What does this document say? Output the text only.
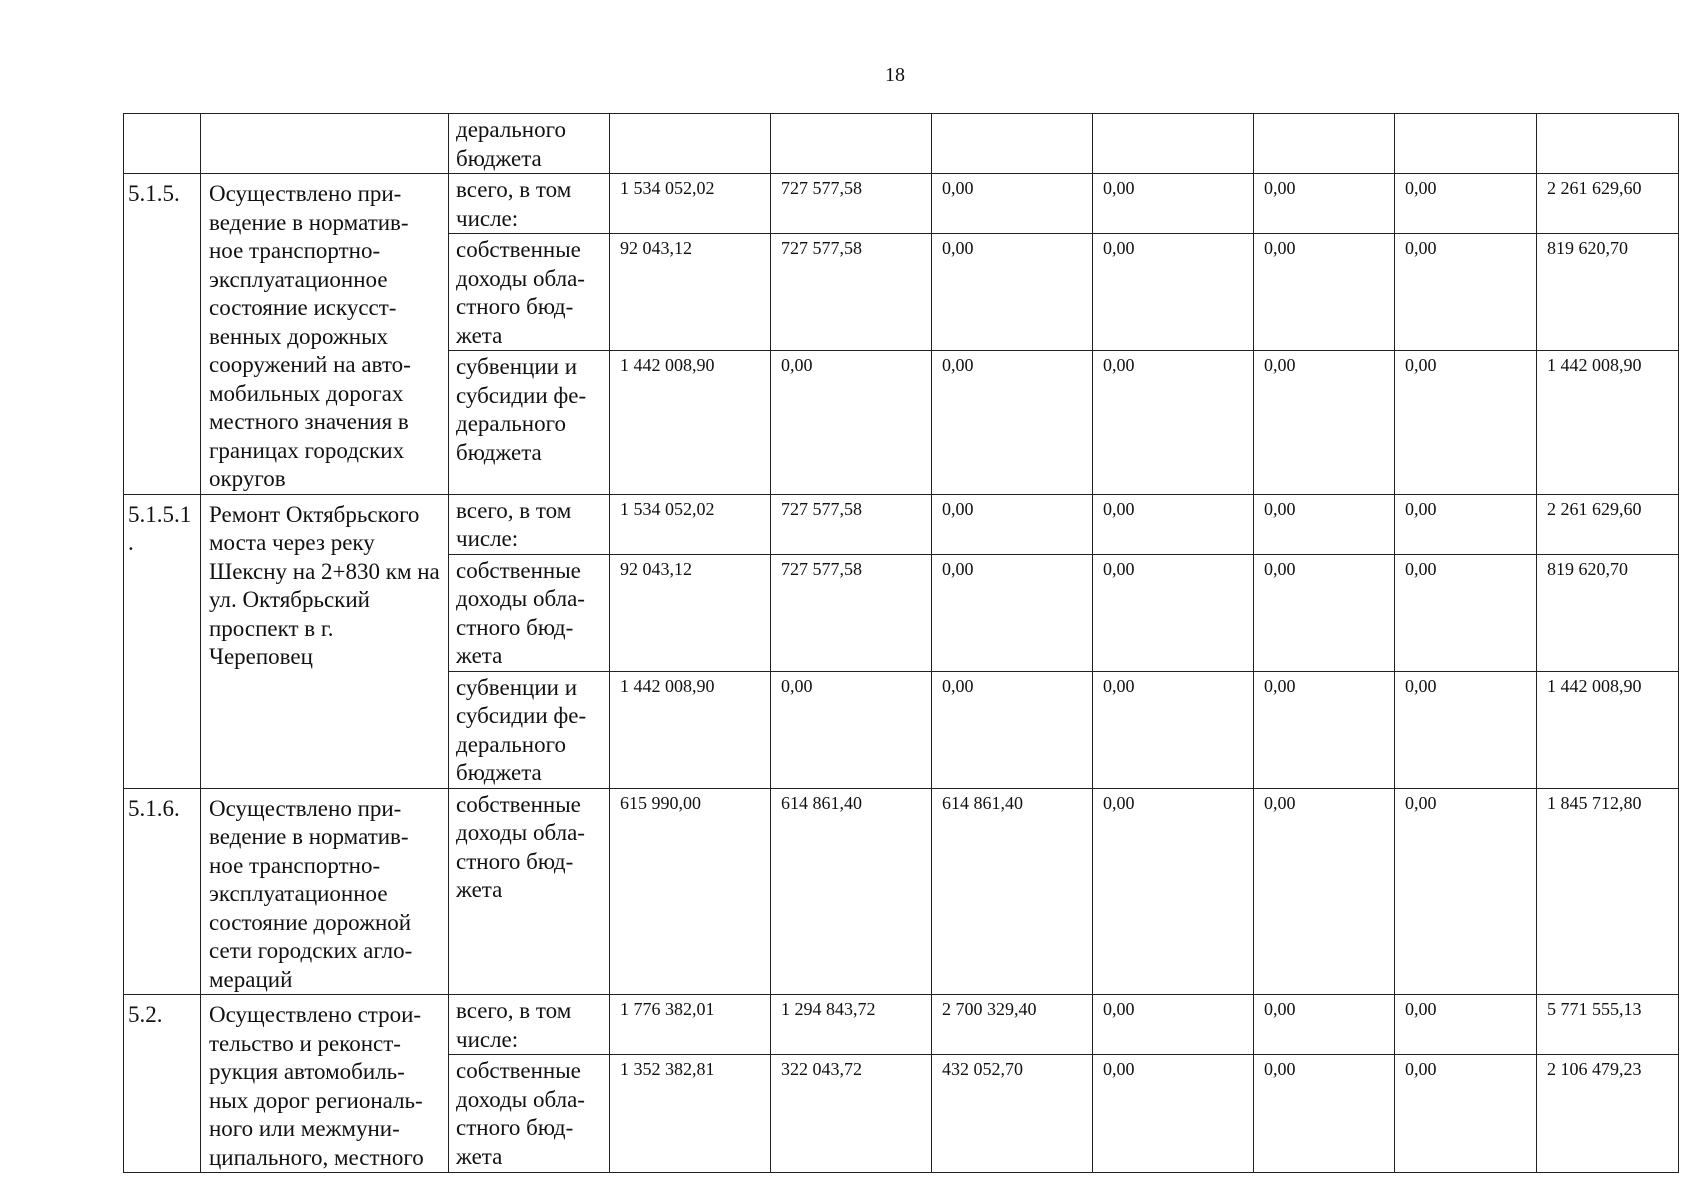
18
		дерального бюджета							
5.1.5.	Осуществлено при-ведение в норматив-ное транспортно-эксплуатационное состояние искусст-венных дорожных сооружений на авто-мобильных дорогах местного значения в границах городских округов	всего, в том числе:	1 534 052,02	727 577,58	0,00	0,00	0,00	0,00	2 261 629,60
		собственные доходы обла-стного бюд-жета	92 043,12	727 577,58	0,00	0,00	0,00	0,00	819 620,70
		субвенции и субсидии фе-дерального бюджета	1 442 008,90	0,00	0,00	0,00	0,00	0,00	1 442 008,90
5.1.5.1 .	Ремонт Октябрьского моста через реку Шексну на 2+830 км на ул. Октябрьский проспект в г. Череповец	всего, в том числе:	1 534 052,02	727 577,58	0,00	0,00	0,00	0,00	2 261 629,60
		собственные доходы обла-стного бюд-жета	92 043,12	727 577,58	0,00	0,00	0,00	0,00	819 620,70
		субвенции и субсидии фе-дерального бюджета	1 442 008,90	0,00	0,00	0,00	0,00	0,00	1 442 008,90
5.1.6.	Осуществлено при-ведение в норматив-ное транспортно-эксплуатационное состояние дорожной сети городских агло-мераций	собственные доходы обла-стного бюд-жета	615 990,00	614 861,40	614 861,40	0,00	0,00	0,00	1 845 712,80
5.2.	Осуществлено строи-тельство и реконст-рукция автомобиль-ных дорог региональ-ного или межмуни-ципального, местного	всего, в том числе:	1 776 382,01	1 294 843,72	2 700 329,40	0,00	0,00	0,00	5 771 555,13
		собственные доходы обла-стного бюд-жета	1 352 382,81	322 043,72	432 052,70	0,00	0,00	0,00	2 106 479,23
